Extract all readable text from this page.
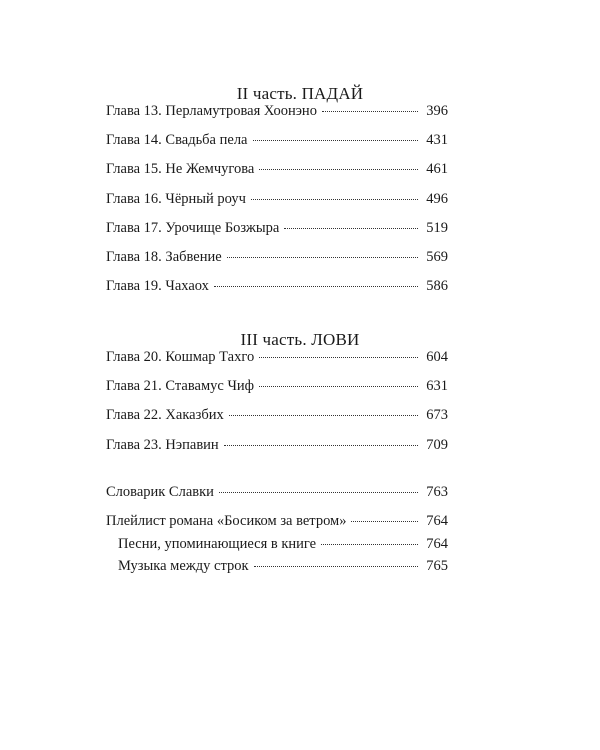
II часть. ПАДАЙ
Глава 13. Перламутровая Хоонэно	396
Глава 14. Свадьба пела	431
Глава 15. Не Жемчугова	461
Глава 16. Чёрный роуч	496
Глава 17. Урочище Бозжыра	519
Глава 18. Забвение	569
Глава 19. Чахаох	586
III часть. ЛОВИ
Глава 20. Кошмар Тахго	604
Глава 21. Ставамус Чиф	631
Глава 22. Хаказбих	673
Глава 23. Нэпавин	709
Словарик Славки	763
Плейлист романа «Босиком за ветром»	764
Песни, упоминающиеся в книге	764
Музыка между строк	765
